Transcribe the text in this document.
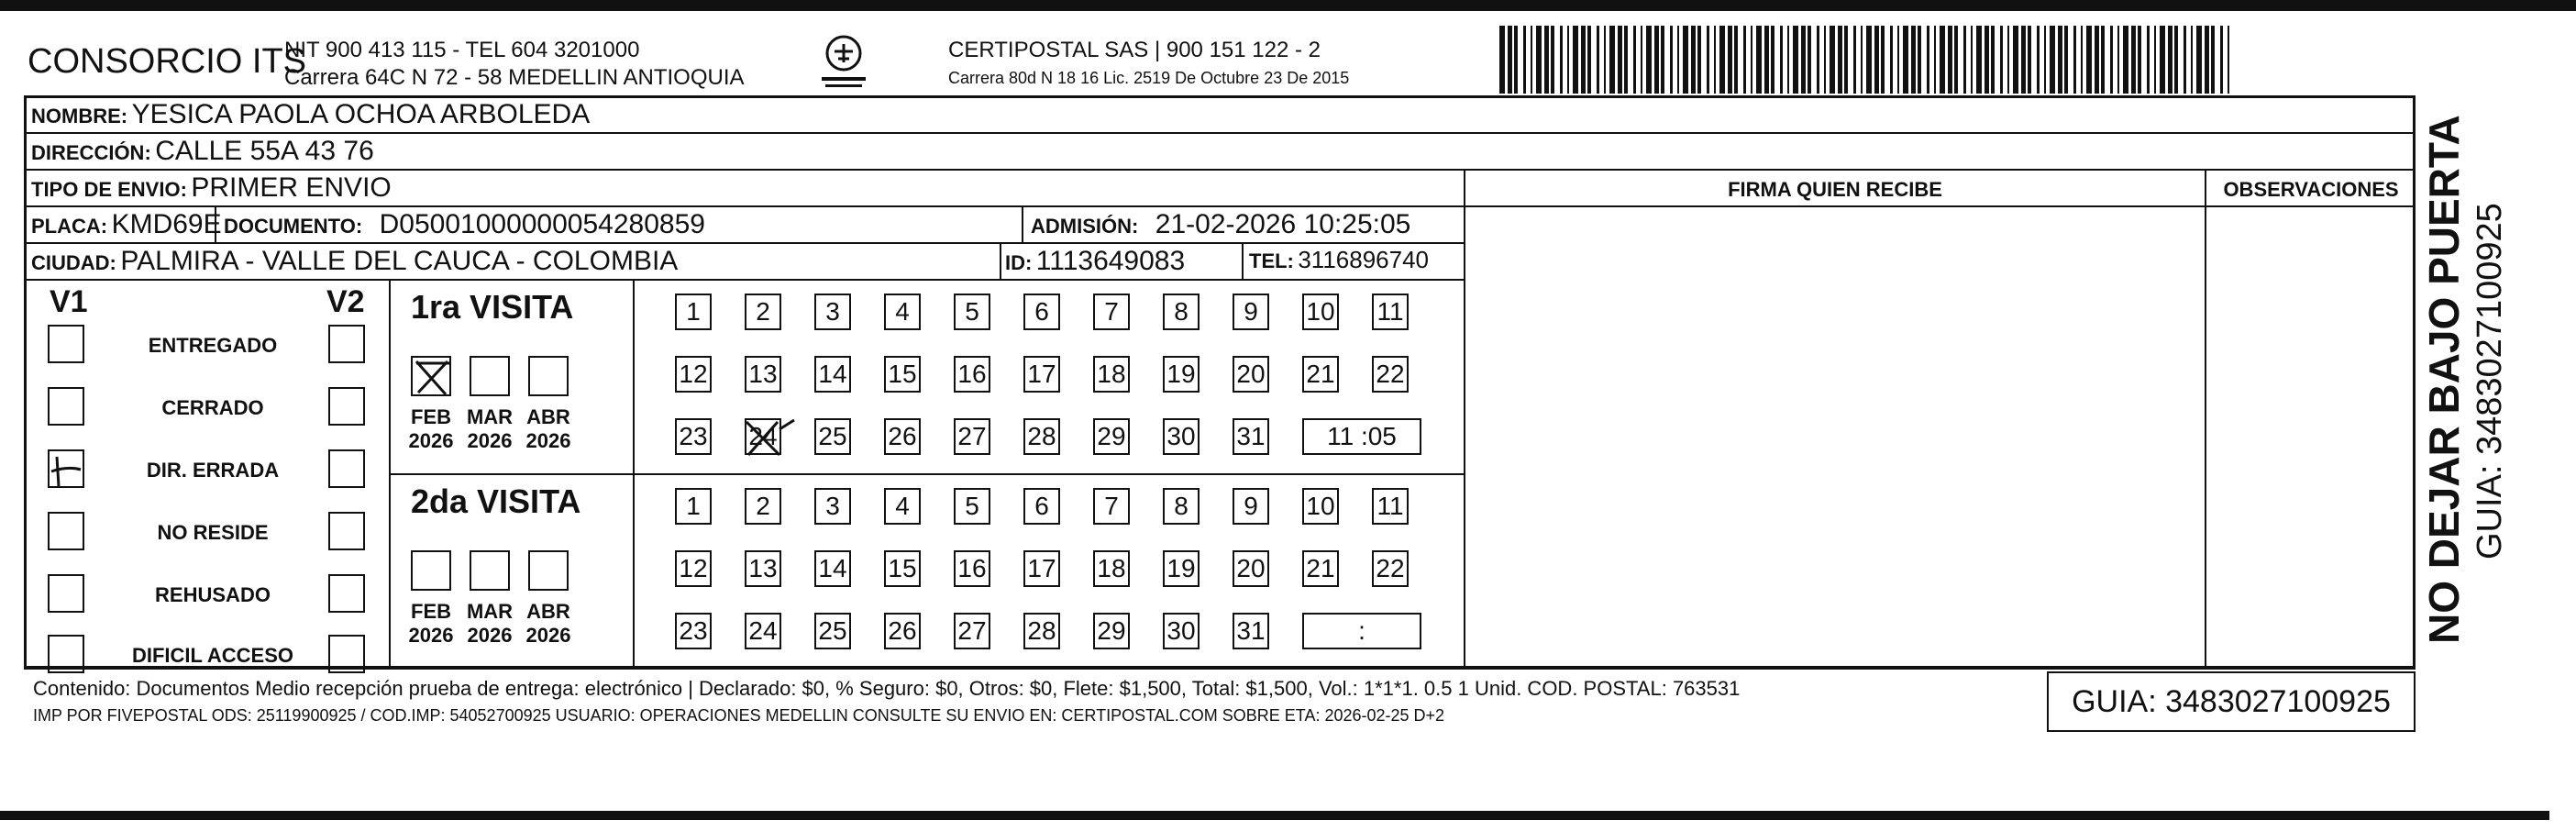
CONSORCIO ITS
NIT 900 413 115 - TEL 604 3201000
Carrera 64C N 72 - 58 MEDELLIN ANTIOQUIA
CERTIPOSTAL SAS | 900 151 122 - 2
Carrera 80d N 18 16 Lic. 2519 De Octubre 23 De 2015
NOMBRE: YESICA PAOLA OCHOA ARBOLEDA
DIRECCIÓN: CALLE 55A 43 76
TIPO DE ENVIO: PRIMER ENVIO
PLACA: KMD69E DOCUMENTO: D05001000000054280859	ADMISIÓN: 21-02-2026 10:25:05
CIUDAD: PALMIRA - VALLE DEL CAUCA - COLOMBIA	ID: 1113649083	TEL: 3116896740
FIRMA QUIEN RECIBE	OBSERVACIONES
V1	V2
ENTREGADO
CERRADO
DIR. ERRADA
NO RESIDE
REHUSADO
DIFICIL ACCESO
1ra VISITA
FEB
2026
MAR
2026
ABR
2026
1	2	3	4	5	6	7	8	9	10 11
12 13 14 15 16 17 18 19 20 21 22
23 24 25 26 27 28 29 30 31	11 :05
2da VISITA
FEB
2026
MAR
2026
ABR
2026
1	2	3	4	5	6	7	8	9	10 11
12 13 14 15 16 17 18 19 20 21 22
23 24 25 26 27 28 29 30 31	:
Contenido: Documentos Medio recepción prueba de entrega: electrónico | Declarado: $0, % Seguro: $0, Otros: $0, Flete: $1,500, Total: $1,500, Vol.: 1*1*1. 0.5 1 Unid. COD. POSTAL: 763531
IMP POR FIVEPOSTAL ODS: 25119900925 / COD.IMP: 54052700925 USUARIO: OPERACIONES MEDELLIN CONSULTE SU ENVIO EN: CERTIPOSTAL.COM SOBRE ETA: 2026-02-25 D+2	GUIA: 3483027100925
NO DEJAR BAJO PUERTA GUIA: 3483027100925
